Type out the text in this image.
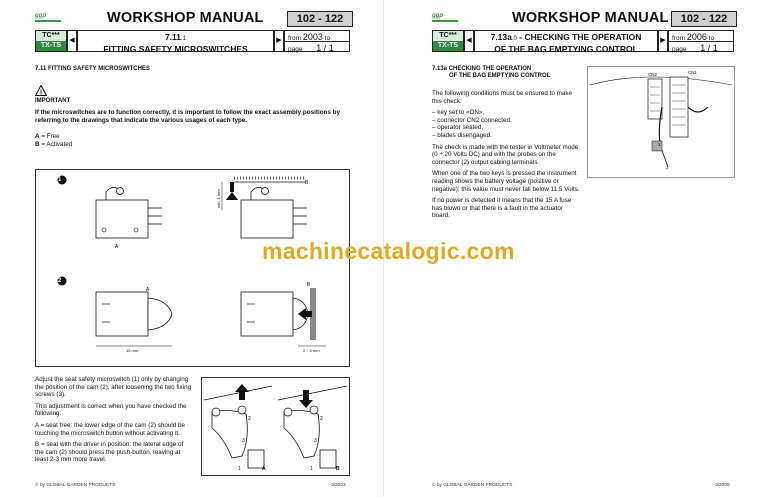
ggp	WORKSHOP MANUAL	102 - 122
TC***
TX-TS
◀	7.11.1
FITTING SAFETY MICROSWITCHES
▶ from 2003 to
page 1 / 1
7.11 FITTING SAFETY MICROSWITCHES
!
IMPORTANT
If the microswitches are to function correctly, it is important to follow the exact assembly positions by referring to the drawings that indicate the various usages of each type.
A = Free
B = Activated
1
2
A
B
A
B
min. 1 mm
15 mm	2 ÷ 6 mm

Adjust the seat safety microswitch (1) only by changing the position of the cam (2), after loosening the two fixing screws (3).

This adjustment is correct when you have checked the following:

A = seat free: the lower edge of the cam (2) should be touching the microswitch button without activating it.

B = seat with the driver in position: the lateral edge of the cam (2) should press the push-button, leaving at least 2-3 mm more travel.

2
3
1	A
2
3
1	B
© by GLOBAL GARDEN PRODUCTS	3/2003
ggp	WORKSHOP MANUAL	102 - 122
TC***
TX-TS
◀	7.13a.0 - CHECKING THE OPERATION
OF THE BAG EMPTYING CONTROL
▶ from 2006 to
page 1 / 1
7.13a CHECKING THE OPERATION
OF THE BAG EMPTYING CONTROL

The following conditions must be ensured to make this check:

– key set to «ON»,
– connector CN2 connected,
– operator seated,
– blades disengaged.

The check is made with the tester in Voltmeter mode (0 ÷ 20 Volts DC) and with the probes on the connector (2) output cabling terminals.

When one of the two keys is pressed the instrument reading shows the battery voltage (positive or negative); this value must never fall below 11.5 Volts.

If no power is detected it means that the 15 A fuse has blown or that there is a fault in the actuator board.

CN2	CN1
1
2
© by GLOBAL GARDEN PRODUCTS	3/2006
machinecatalogic.com
